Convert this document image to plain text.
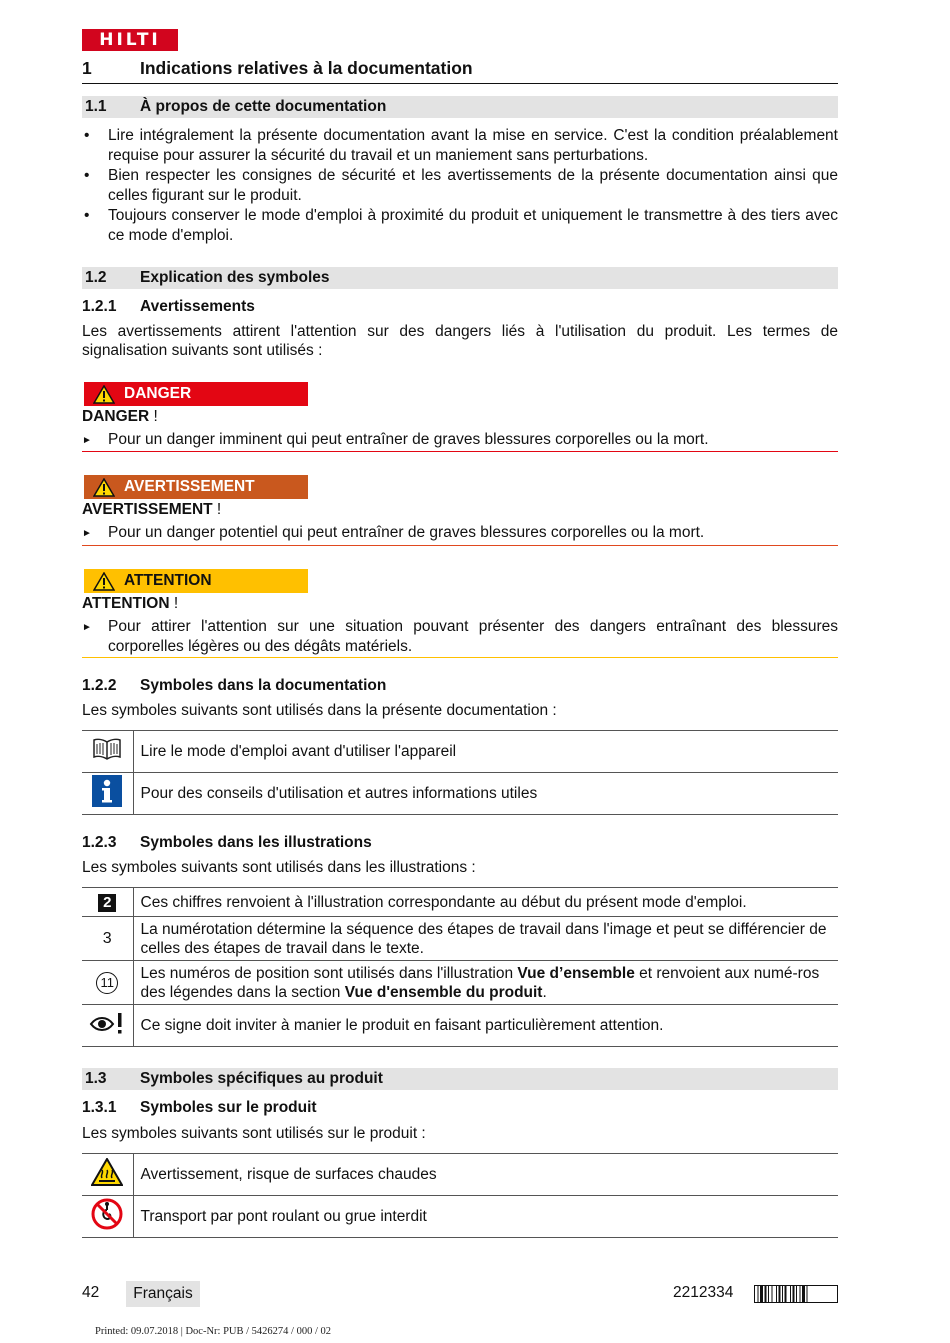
HILTI
1	Indications relatives à la documentation
1.1	À propos de cette documentation
• Lire intégralement la présente documentation avant la mise en service. C'est la condition préalablement requise pour assurer la sécurité du travail et un maniement sans perturbations.
• Bien respecter les consignes de sécurité et les avertissements de la présente documentation ainsi que celles figurant sur le produit.
• Toujours conserver le mode d'emploi à proximité du produit et uniquement le transmettre à des tiers avec ce mode d'emploi.
1.2	Explication des symboles
1.2.1	Avertissements
Les avertissements attirent l'attention sur des dangers liés à l'utilisation du produit. Les termes de signalisation suivants sont utilisés :
DANGER
DANGER !
►	Pour un danger imminent qui peut entraîner de graves blessures corporelles ou la mort.
AVERTISSEMENT
AVERTISSEMENT !
►	Pour un danger potentiel qui peut entraîner de graves blessures corporelles ou la mort.
ATTENTION
ATTENTION !
►	Pour attirer l'attention sur une situation pouvant présenter des dangers entraînant des blessures corporelles légères ou des dégâts matériels.
1.2.2	Symboles dans la documentation
Les symboles suivants sont utilisés dans la présente documentation :
	Lire le mode d'emploi avant d'utiliser l'appareil
	Pour des conseils d'utilisation et autres informations utiles
1.2.3	Symboles dans les illustrations
Les symboles suivants sont utilisés dans les illustrations :
2	Ces chiffres renvoient à l'illustration correspondante au début du présent mode d'emploi.
3	La numérotation détermine la séquence des étapes de travail dans l'image et peut se différencier de celles des étapes de travail dans le texte.
11	Les numéros de position sont utilisés dans l'illustration Vue d’ensemble et renvoient aux numé-ros des légendes dans la section Vue d'ensemble du produit.
	Ce signe doit inviter à manier le produit en faisant particulièrement attention.
1.3	Symboles spécifiques au produit
1.3.1	Symboles sur le produit
Les symboles suivants sont utilisés sur le produit :
	Avertissement, risque de surfaces chaudes
	Transport par pont roulant ou grue interdit
42 Français	2212334
Printed: 09.07.2018 | Doc-Nr: PUB / 5426274 / 000 / 02
